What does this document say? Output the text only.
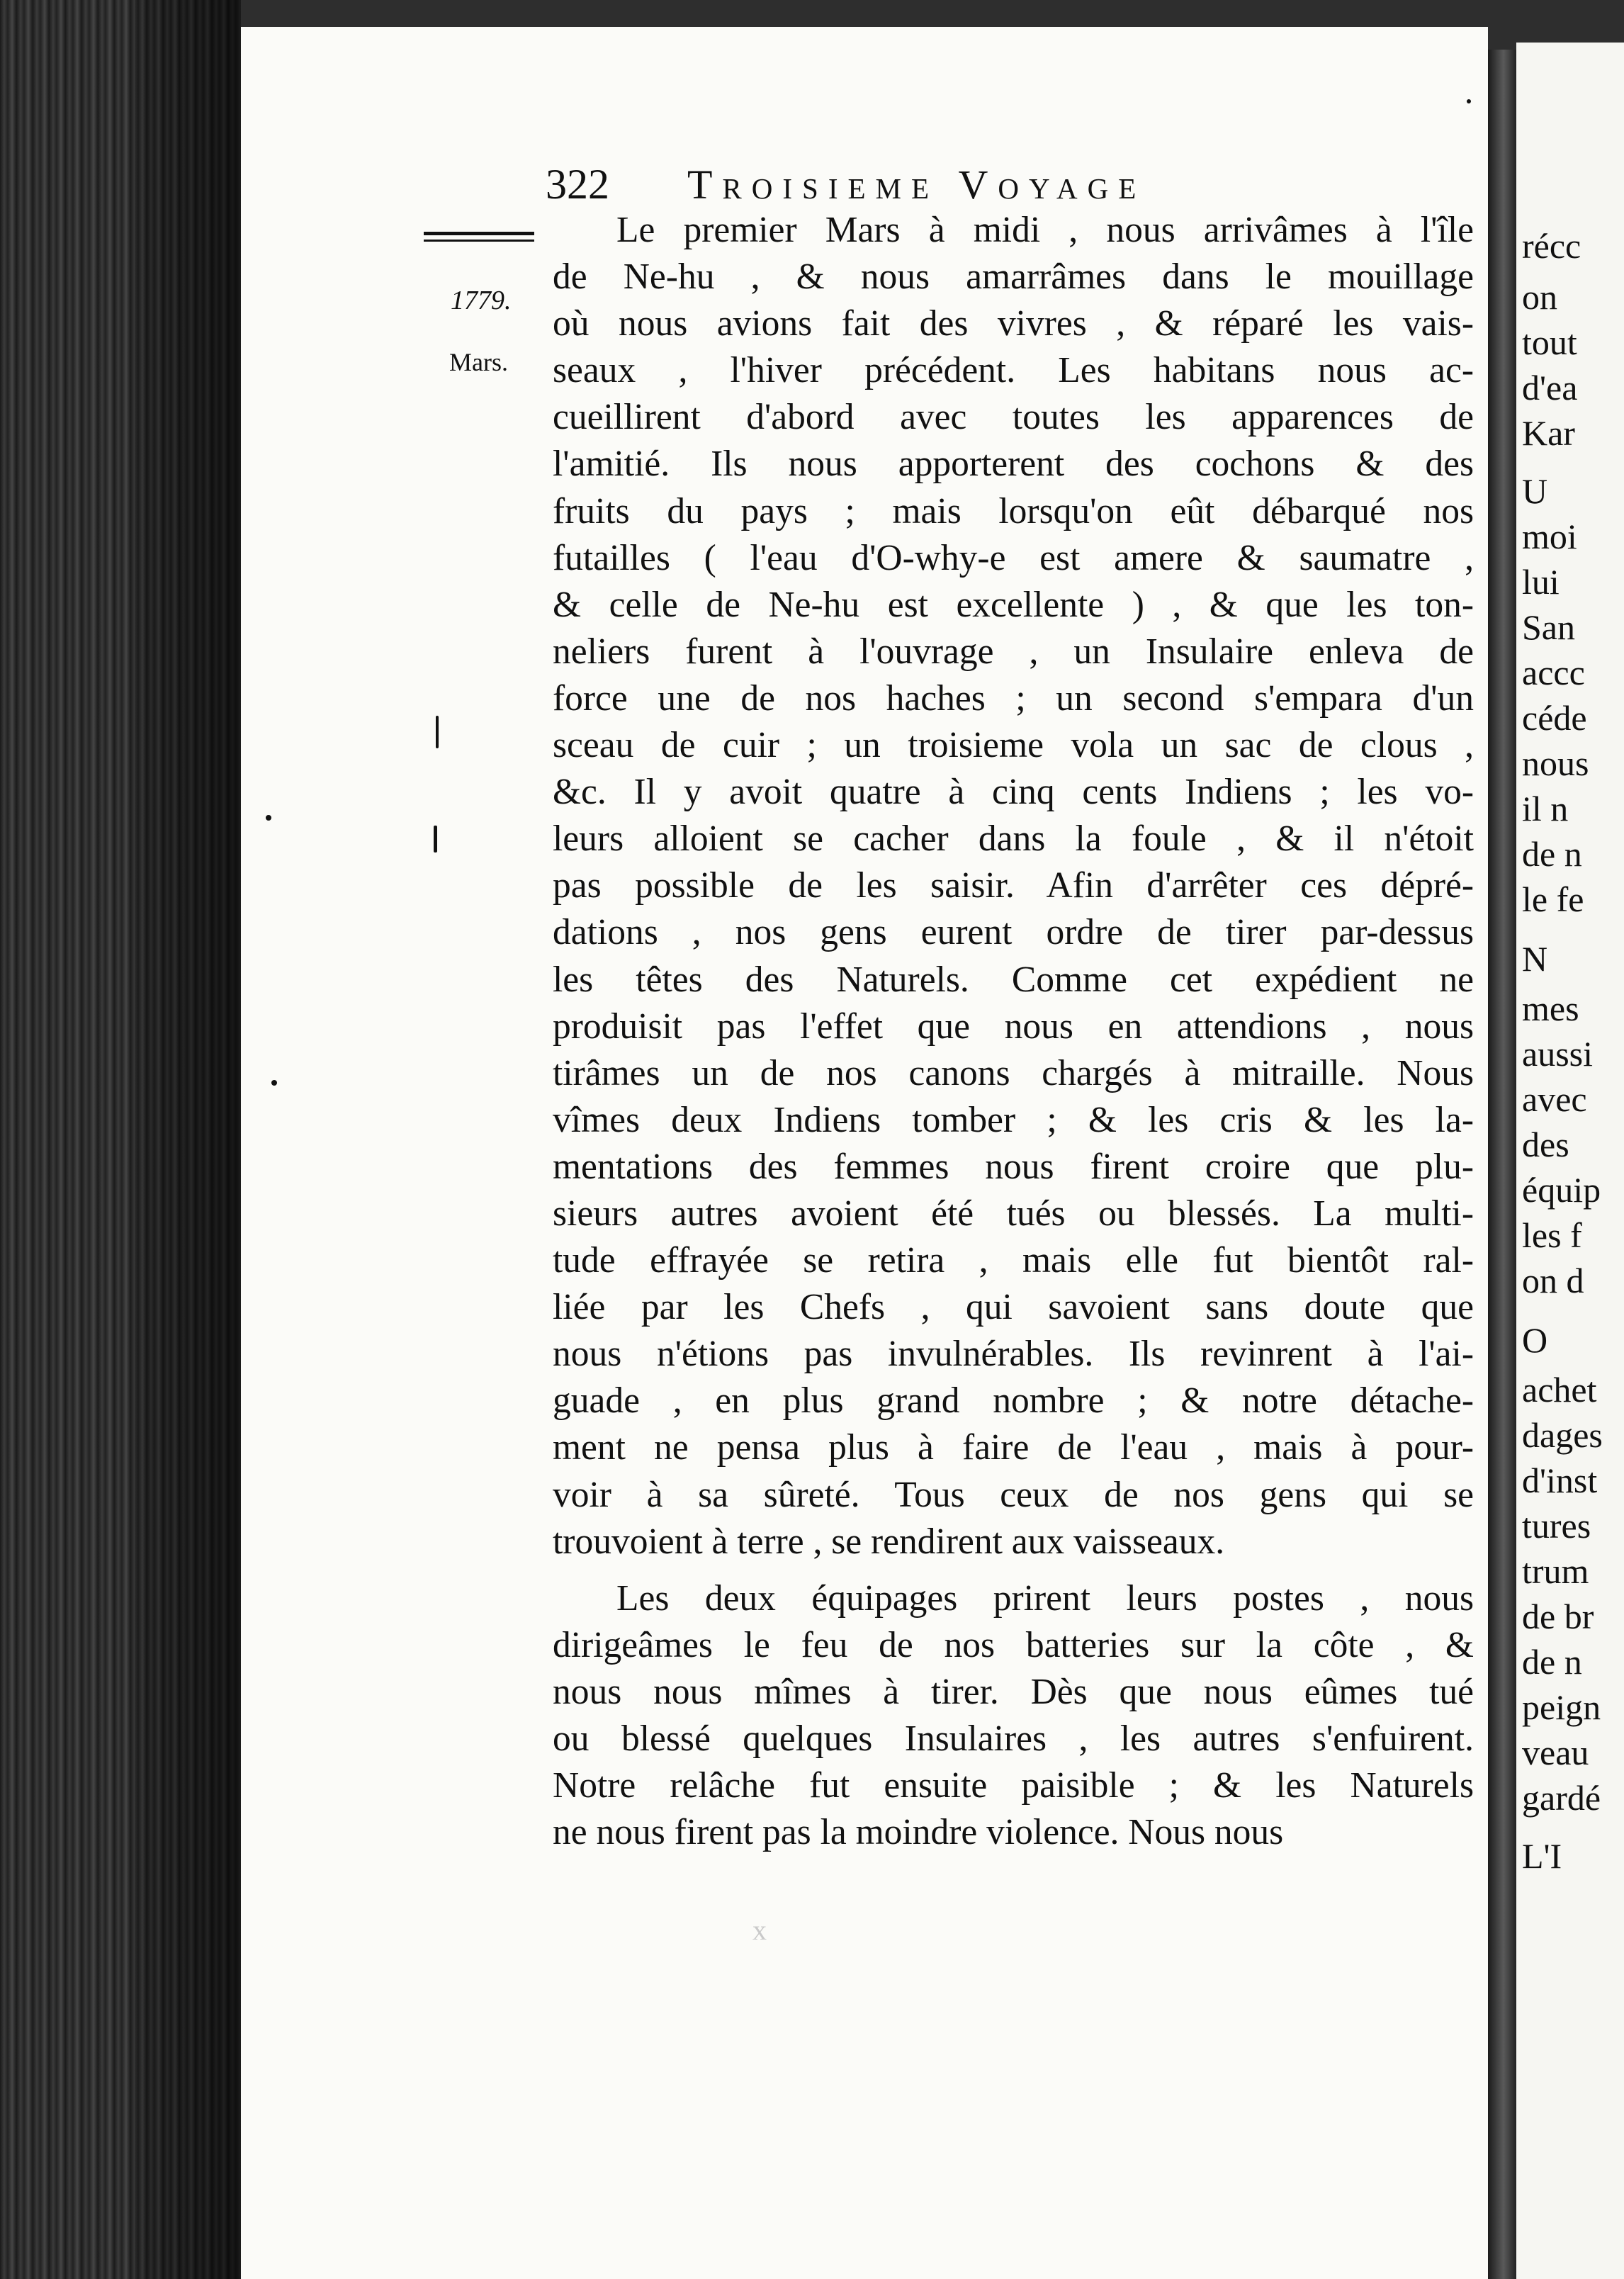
récc
on
tout
d'ea
Kar
U
moi
lui
San
accc
céde
nous
il n
de n
le fe
N
mes
aussi
avec
des
équip
les f
on d
O
achet
dages
d'inst
tures
trum
de br
de n
peign
veau
gardé
L'I
322 Troisieme Voyage
1779.
Mars.
Le premier Mars à midi , nous arrivâmes à l'île
de Ne-hu , & nous amarrâmes dans le mouillage
où nous avions fait des vivres , & réparé les vais-
seaux , l'hiver précédent. Les habitans nous ac-
cueillirent d'abord avec toutes les apparences de
l'amitié. Ils nous apporterent des cochons & des
fruits du pays ; mais lorsqu'on eût débarqué nos
futailles ( l'eau d'O-why-e est amere & saumatre ,
& celle de Ne-hu est excellente ) , & que les ton-
neliers furent à l'ouvrage , un Insulaire enleva de
force une de nos haches ; un second s'empara d'un
sceau de cuir ; un troisieme vola un sac de clous ,
&c. Il y avoit quatre à cinq cents Indiens ; les vo-
leurs alloient se cacher dans la foule , & il n'étoit
pas possible de les saisir. Afin d'arrêter ces dépré-
dations , nos gens eurent ordre de tirer par-dessus
les têtes des Naturels. Comme cet expédient ne
produisit pas l'effet que nous en attendions , nous
tirâmes un de nos canons chargés à mitraille. Nous
vîmes deux Indiens tomber ; & les cris & les la-
mentations des femmes nous firent croire que plu-
sieurs autres avoient été tués ou blessés. La multi-
tude effrayée se retira , mais elle fut bientôt ral-
liée par les Chefs , qui savoient sans doute que
nous n'étions pas invulnérables. Ils revinrent à l'ai-
guade , en plus grand nombre ; & notre détache-
ment ne pensa plus à faire de l'eau , mais à pour-
voir à sa sûreté. Tous ceux de nos gens qui se
trouvoient à terre , se rendirent aux vaisseaux.
Les deux équipages prirent leurs postes , nous
dirigeâmes le feu de nos batteries sur la côte , &
nous nous mîmes à tirer. Dès que nous eûmes tué
ou blessé quelques Insulaires , les autres s'enfuirent.
Notre relâche fut ensuite paisible ; & les Naturels
ne nous firent pas la moindre violence. Nous nous
x
